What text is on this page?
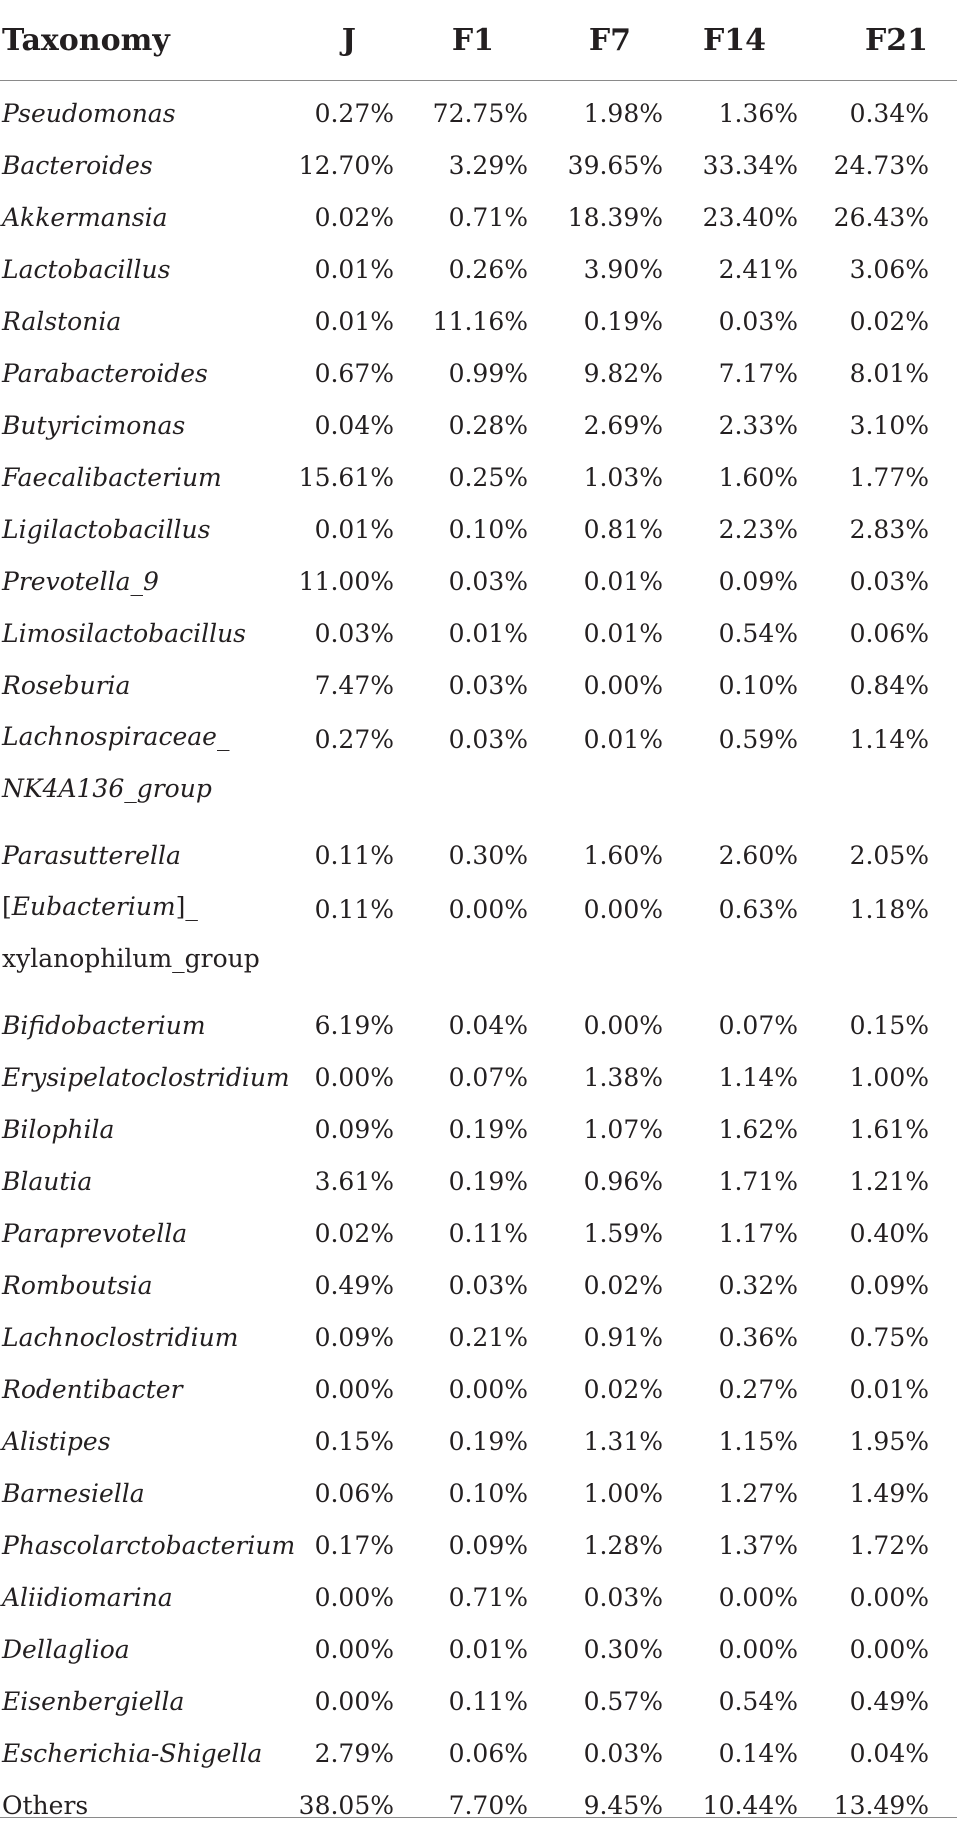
Taxonomy	J	F1	F7	F14	F21
Pseudomonas	0.27%	72.75%	1.98%	1.36%	0.34%
Bacteroides	12.70%	3.29%	39.65%	33.34%	24.73%
Akkermansia	0.02%	0.71%	18.39%	23.40%	26.43%
Lactobacillus	0.01%	0.26%	3.90%	2.41%	3.06%
Ralstonia	0.01%	11.16%	0.19%	0.03%	0.02%
Parabacteroides	0.67%	0.99%	9.82%	7.17%	8.01%
Butyricimonas	0.04%	0.28%	2.69%	2.33%	3.10%
Faecalibacterium	15.61%	0.25%	1.03%	1.60%	1.77%
Ligilactobacillus	0.01%	0.10%	0.81%	2.23%	2.83%
Prevotella_9	11.00%	0.03%	0.01%	0.09%	0.03%
Limosilactobacillus	0.03%	0.01%	0.01%	0.54%	0.06%
Roseburia	7.47%	0.03%	0.00%	0.10%	0.84%
Lachnospiraceae_
NK4A136_group	0.27%	0.03%	0.01%	0.59%	1.14%
Parasutterella	0.11%	0.30%	1.60%	2.60%	2.05%
[Eubacterium]_
xylanophilum_group	0.11%	0.00%	0.00%	0.63%	1.18%
Bifidobacterium	6.19%	0.04%	0.00%	0.07%	0.15%
Erysipelatoclostridium	0.00%	0.07%	1.38%	1.14%	1.00%
Bilophila	0.09%	0.19%	1.07%	1.62%	1.61%
Blautia	3.61%	0.19%	0.96%	1.71%	1.21%
Paraprevotella	0.02%	0.11%	1.59%	1.17%	0.40%
Romboutsia	0.49%	0.03%	0.02%	0.32%	0.09%
Lachnoclostridium	0.09%	0.21%	0.91%	0.36%	0.75%
Rodentibacter	0.00%	0.00%	0.02%	0.27%	0.01%
Alistipes	0.15%	0.19%	1.31%	1.15%	1.95%
Barnesiella	0.06%	0.10%	1.00%	1.27%	1.49%
Phascolarctobacterium	0.17%	0.09%	1.28%	1.37%	1.72%
Aliidiomarina	0.00%	0.71%	0.03%	0.00%	0.00%
Dellaglioa	0.00%	0.01%	0.30%	0.00%	0.00%
Eisenbergiella	0.00%	0.11%	0.57%	0.54%	0.49%
Escherichia-Shigella	2.79%	0.06%	0.03%	0.14%	0.04%
Others	38.05%	7.70%	9.45%	10.44%	13.49%
